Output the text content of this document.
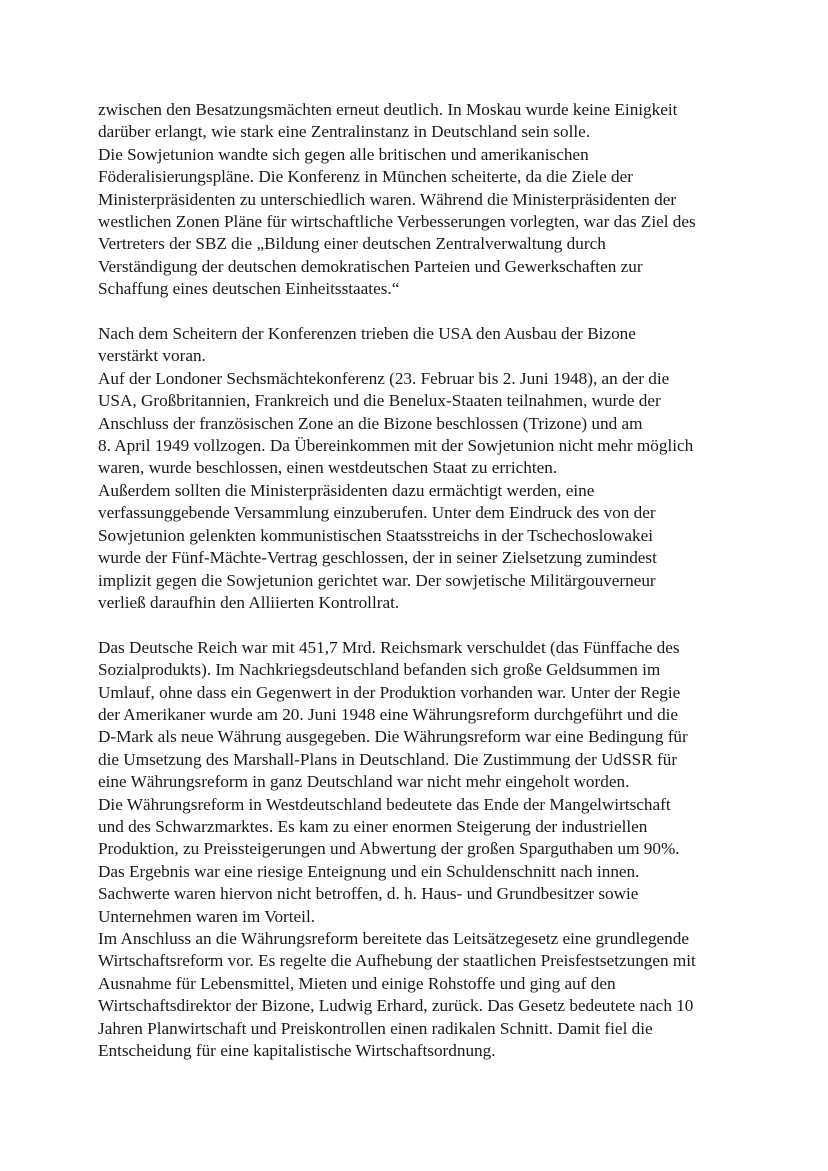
zwischen den Besatzungsmächten erneut deutlich. In Moskau wurde keine Einigkeit
darüber erlangt, wie stark eine Zentralinstanz in Deutschland sein solle.
Die Sowjetunion wandte sich gegen alle britischen und amerikanischen
Föderalisierungspläne. Die Konferenz in München scheiterte, da die Ziele der
Ministerpräsidenten zu unterschiedlich waren. Während die Ministerpräsidenten der
westlichen Zonen Pläne für wirtschaftliche Verbesserungen vorlegten, war das Ziel des
Vertreters der SBZ die „Bildung einer deutschen Zentralverwaltung durch
Verständigung der deutschen demokratischen Parteien und Gewerkschaften zur
Schaffung eines deutschen Einheitsstaates.“

Nach dem Scheitern der Konferenzen trieben die USA den Ausbau der Bizone
verstärkt voran.
Auf der Londoner Sechsmächtekonferenz (23. Februar bis 2. Juni 1948), an der die
USA, Großbritannien, Frankreich und die Benelux-Staaten teilnahmen, wurde der
Anschluss der französischen Zone an die Bizone beschlossen (Trizone) und am
8. April 1949 vollzogen. Da Übereinkommen mit der Sowjetunion nicht mehr möglich
waren, wurde beschlossen, einen westdeutschen Staat zu errichten.
Außerdem sollten die Ministerpräsidenten dazu ermächtigt werden, eine
verfassunggebende Versammlung einzuberufen. Unter dem Eindruck des von der
Sowjetunion gelenkten kommunistischen Staatsstreichs in der Tschechoslowakei
wurde der Fünf-Mächte-Vertrag geschlossen, der in seiner Zielsetzung zumindest
implizit gegen die Sowjetunion gerichtet war. Der sowjetische Militärgouverneur
verließ daraufhin den Alliierten Kontrollrat.

Das Deutsche Reich war mit 451,7 Mrd. Reichsmark verschuldet (das Fünffache des
Sozialprodukts). Im Nachkriegsdeutschland befanden sich große Geldsummen im
Umlauf, ohne dass ein Gegenwert in der Produktion vorhanden war. Unter der Regie
der Amerikaner wurde am 20. Juni 1948 eine Währungsreform durchgeführt und die
D-Mark als neue Währung ausgegeben. Die Währungsreform war eine Bedingung für
die Umsetzung des Marshall-Plans in Deutschland. Die Zustimmung der UdSSR für
eine Währungsreform in ganz Deutschland war nicht mehr eingeholt worden.
Die Währungsreform in Westdeutschland bedeutete das Ende der Mangelwirtschaft
und des Schwarzmarktes. Es kam zu einer enormen Steigerung der industriellen
Produktion, zu Preissteigerungen und Abwertung der großen Sparguthaben um 90%.
Das Ergebnis war eine riesige Enteignung und ein Schuldenschnitt nach innen.
Sachwerte waren hiervon nicht betroffen, d. h. Haus- und Grundbesitzer sowie
Unternehmen waren im Vorteil.
Im Anschluss an die Währungsreform bereitete das Leitsätzegesetz eine grundlegende
Wirtschaftsreform vor. Es regelte die Aufhebung der staatlichen Preisfestsetzungen mit
Ausnahme für Lebensmittel, Mieten und einige Rohstoffe und ging auf den
Wirtschaftsdirektor der Bizone, Ludwig Erhard, zurück. Das Gesetz bedeutete nach 10
Jahren Planwirtschaft und Preiskontrollen einen radikalen Schnitt. Damit fiel die
Entscheidung für eine kapitalistische Wirtschaftsordnung.
